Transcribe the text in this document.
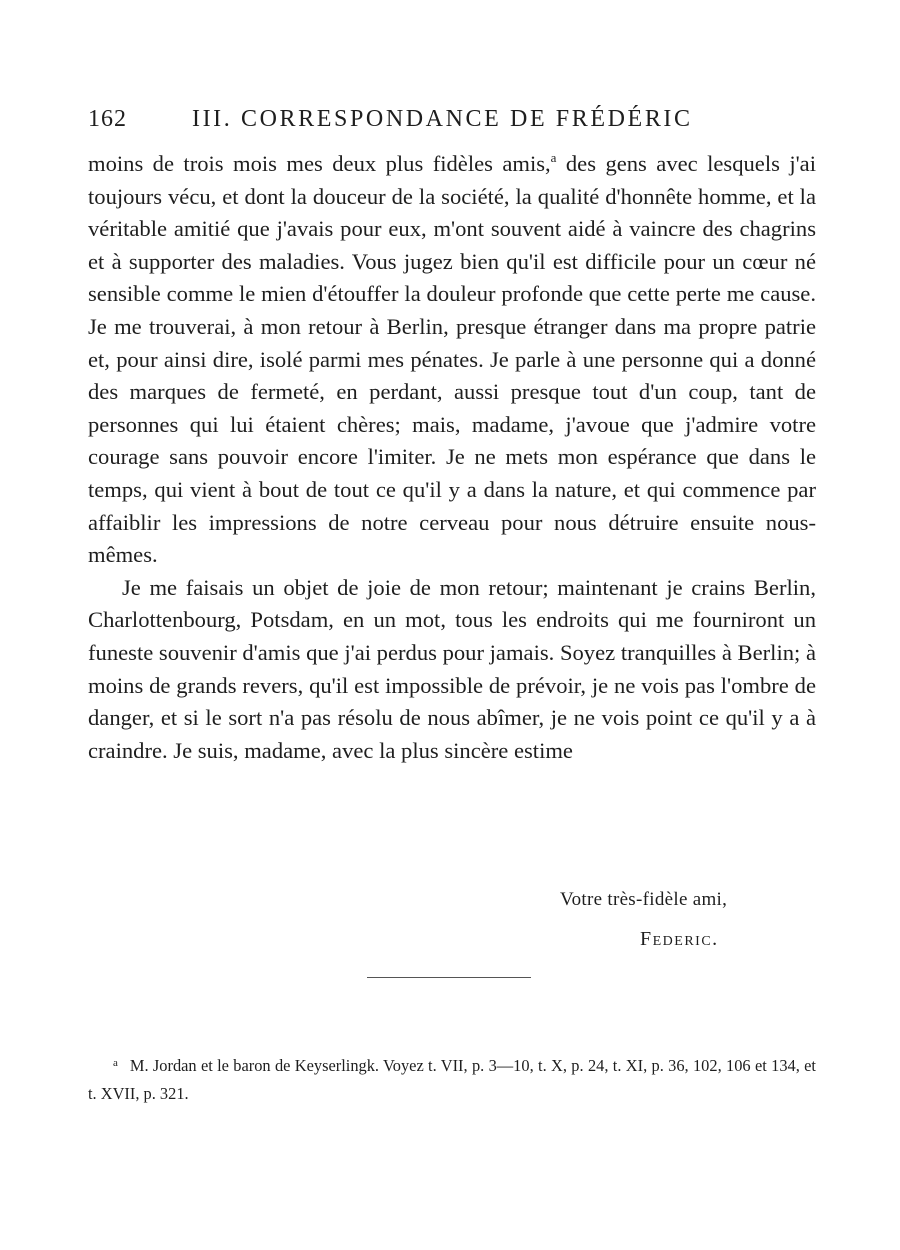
162	III. CORRESPONDANCE DE FRÉDÉRIC

moins de trois mois mes deux plus fidèles amis,$^a$ des gens avec lesquels j'ai toujours vécu, et dont la douceur de la société, la qualité d'honnête homme, et la véritable amitié que j'avais pour eux, m'ont souvent aidé à vaincre des chagrins et à supporter des maladies. Vous jugez bien qu'il est difficile pour un cœur né sensible comme le mien d'étouffer la douleur profonde que cette perte me cause. Je me trouverai, à mon retour à Berlin, presque étranger dans ma propre patrie et, pour ainsi dire, isolé parmi mes pénates. Je parle à une personne qui a donné des marques de fermeté, en perdant, aussi presque tout d'un coup, tant de personnes qui lui étaient chères; mais, madame, j'avoue que j'admire votre courage sans pouvoir encore l'imiter. Je ne mets mon espérance que dans le temps, qui vient à bout de tout ce qu'il y a dans la nature, et qui commence par affaiblir les impressions de notre cerveau pour nous détruire ensuite nous-mêmes.

Je me faisais un objet de joie de mon retour; maintenant je crains Berlin, Charlottenbourg, Potsdam, en un mot, tous les endroits qui me fourniront un funeste souvenir d'amis que j'ai perdus pour jamais. Soyez tranquilles à Berlin; à moins de grands revers, qu'il est impossible de prévoir, je ne vois pas l'ombre de danger, et si le sort n'a pas résolu de nous abîmer, je ne vois point ce qu'il y a à craindre. Je suis, madame, avec la plus sincère estime

Votre très-fidèle ami,
Federic.
$^a$ M. Jordan et le baron de Keyserlingk. Voyez t. VII, p. 3—10, t. X, p. 24, t. XI, p. 36, 102, 106 et 134, et t. XVII, p. 321.
